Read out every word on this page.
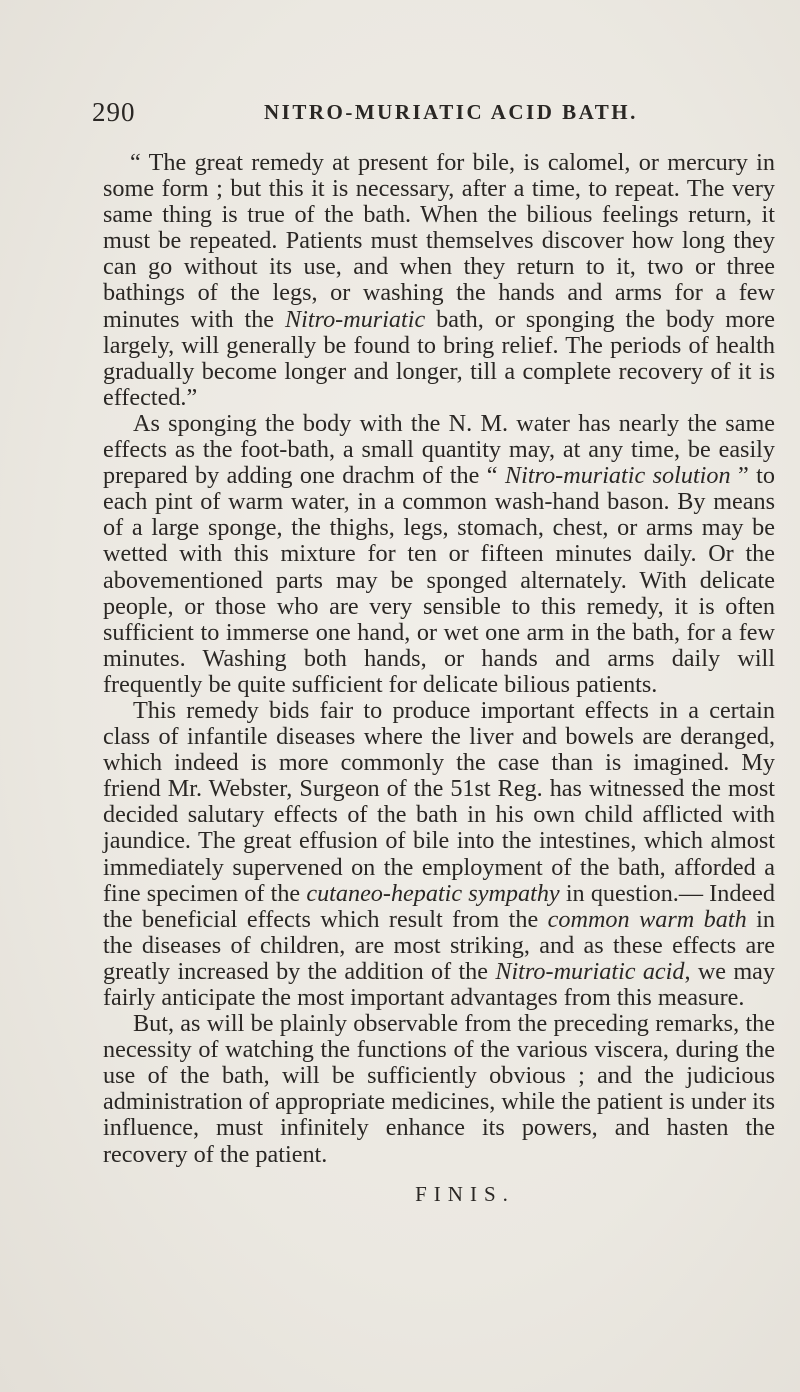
290	NITRO-MURIATIC ACID BATH.

“ The great remedy at present for bile, is calomel, or mercury in some form ; but this it is necessary, after a time, to repeat. The very same thing is true of the bath. When the bilious feelings return, it must be repeated. Patients must themselves discover how long they can go without its use, and when they return to it, two or three bathings of the legs, or washing the hands and arms for a few minutes with the Nitro-muriatic bath, or sponging the body more largely, will generally be found to bring relief. The periods of health gradually become longer and longer, till a complete recovery of it is effected.”

As sponging the body with the N. M. water has nearly the same effects as the foot-bath, a small quantity may, at any time, be easily prepared by adding one drachm of the “ Nitro-muriatic solution ” to each pint of warm water, in a common wash-hand bason. By means of a large sponge, the thighs, legs, stomach, chest, or arms may be wetted with this mixture for ten or fifteen minutes daily. Or the abovementioned parts may be sponged alternately. With delicate people, or those who are very sensible to this remedy, it is often sufficient to immerse one hand, or wet one arm in the bath, for a few minutes. Washing both hands, or hands and arms daily will frequently be quite sufficient for delicate bilious patients.

This remedy bids fair to produce important effects in a certain class of infantile diseases where the liver and bowels are deranged, which indeed is more commonly the case than is imagined. My friend Mr. Webster, Surgeon of the 51st Reg. has witnessed the most decided salutary effects of the bath in his own child afflicted with jaundice. The great effusion of bile into the intestines, which almost immediately supervened on the employment of the bath, afforded a fine specimen of the cutaneo-hepatic sympathy in question.— Indeed the beneficial effects which result from the common warm bath in the diseases of children, are most striking, and as these effects are greatly increased by the addition of the Nitro-muriatic acid, we may fairly anticipate the most important advantages from this measure.

But, as will be plainly observable from the preceding remarks, the necessity of watching the functions of the various viscera, during the use of the bath, will be sufficiently obvious ; and the judicious administration of appropriate medicines, while the patient is under its influence, must infinitely enhance its powers, and hasten the recovery of the patient.

FINIS.
